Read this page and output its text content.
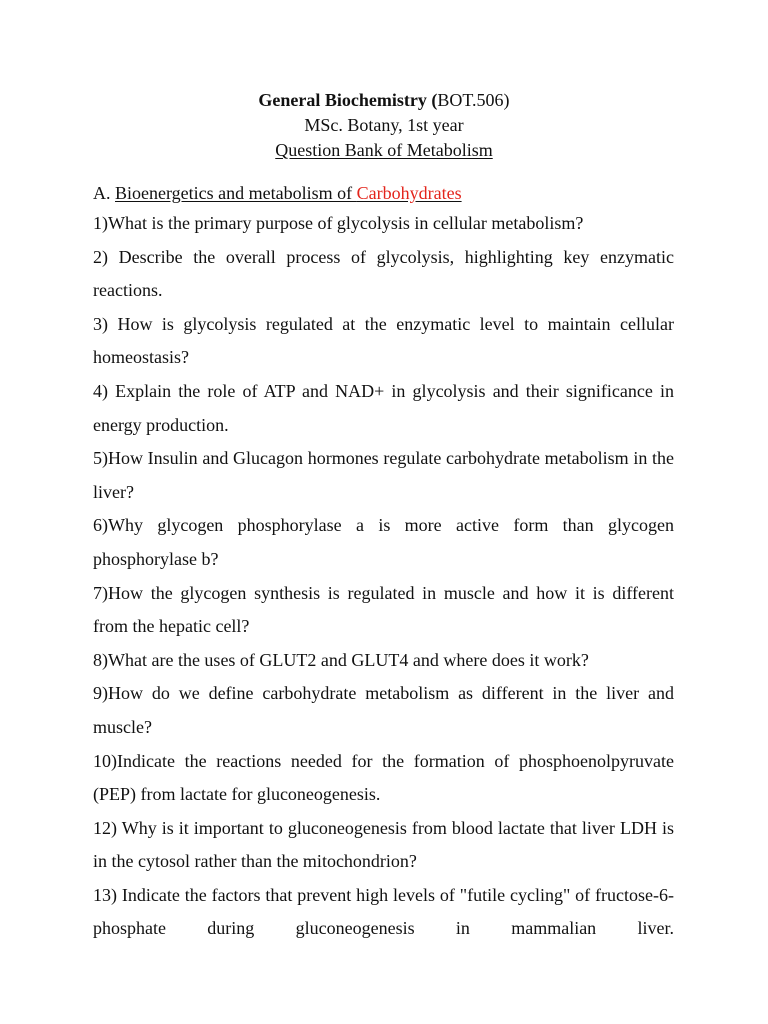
General Biochemistry (BOT.506)
MSc. Botany, 1st year
Question Bank of Metabolism
A. Bioenergetics and metabolism of Carbohydrates

1)What is the primary purpose of glycolysis in cellular metabolism?

2) Describe the overall process of glycolysis, highlighting key enzymatic reactions.

3) How is glycolysis regulated at the enzymatic level to maintain cellular homeostasis?

4) Explain the role of ATP and NAD+ in glycolysis and their significance in energy production.

5)How Insulin and Glucagon hormones regulate carbohydrate metabolism in the liver?

6)Why glycogen phosphorylase a is more active form than glycogen phosphorylase b?

7)How the glycogen synthesis is regulated in muscle and how it is different from the hepatic cell?

8)What are the uses of GLUT2 and GLUT4 and where does it work?

9)How do we define carbohydrate metabolism as different in the liver and muscle?

10)Indicate the reactions needed for the formation of phosphoenolpyruvate (PEP) from lactate for gluconeogenesis.

12) Why is it important to gluconeogenesis from blood lactate that liver LDH is in the cytosol rather than the mitochondrion?

13) Indicate the factors that prevent high levels of "futile cycling" of fructose-6-phosphate during gluconeogenesis in mammalian liver.
